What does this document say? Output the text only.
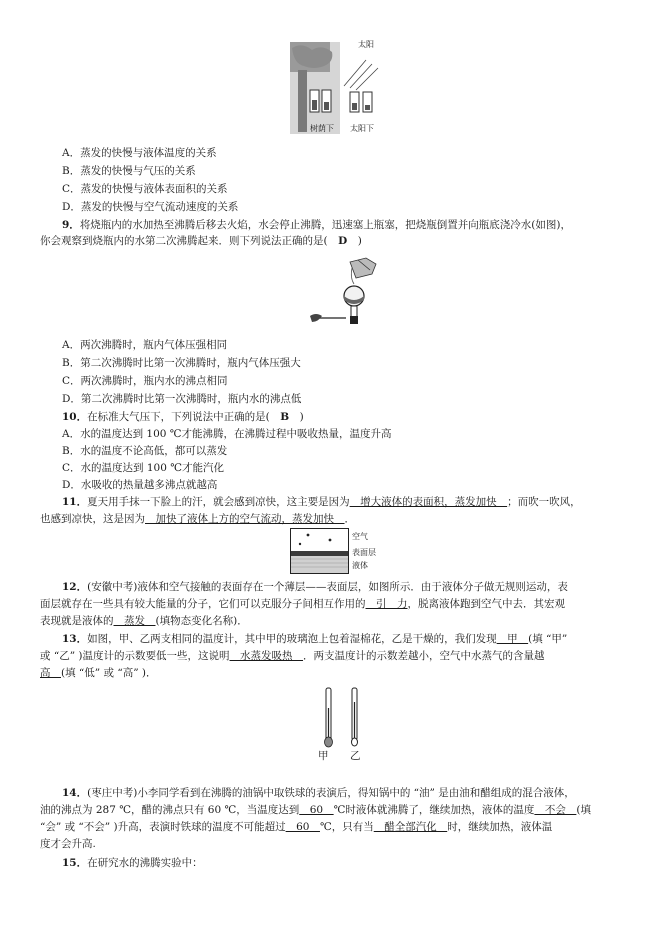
太阳
树荫下 太阳下
A．蒸发的快慢与液体温度的关系
B．蒸发的快慢与气压的关系
C．蒸发的快慢与液体表面积的关系
D．蒸发的快慢与空气流动速度的关系
9．将烧瓶内的水加热至沸腾后移去火焰，水会停止沸腾，迅速塞上瓶塞，把烧瓶倒置并向瓶底浇冷水(如图)，
你会观察到烧瓶内的水第二次沸腾起来．则下列说法正确的是(　D　)
A．两次沸腾时，瓶内气体压强相同
B．第二次沸腾时比第一次沸腾时，瓶内气体压强大
C．两次沸腾时，瓶内水的沸点相同
D．第二次沸腾时比第一次沸腾时，瓶内水的沸点低
10．在标准大气压下，下列说法中正确的是(　B　)
A．水的温度达到 100 ℃才能沸腾，在沸腾过程中吸收热量，温度升高
B．水的温度不论高低，都可以蒸发
C．水的温度达到 100 ℃才能汽化
D．水吸收的热量越多沸点就越高
11．夏天用手抹一下脸上的汗，就会感到凉快，这主要是因为　增大液体的表面积，蒸发加快　；而吹一吹风，
也感到凉快，这是因为　加快了液体上方的空气流动，蒸发加快　．
空气
表面层
液体
12．(安徽中考)液体和空气接触的表面存在一个薄层——表面层，如图所示．由于液体分子做无规则运动，表
面层就存在一些具有较大能量的分子，它们可以克服分子间相互作用的　引　力，脱离液体跑到空气中去．其宏观
表现就是液体的　蒸发　(填物态变化名称)．
13．如图，甲、乙两支相同的温度计，其中甲的玻璃泡上包着湿棉花，乙是干燥的，我们发现　甲　(填 “甲”
或 “乙” )温度计的示数要低一些，这说明　水蒸发吸热　．两支温度计的示数差越小，空气中水蒸气的含量越
高　(填 “低” 或 “高” )．
甲 乙
14．(枣庄中考)小李同学看到在沸腾的油锅中取铁球的表演后，得知锅中的 “油” 是由油和醋组成的混合液体，
油的沸点为 287 ℃，醋的沸点只有 60 ℃，当温度达到　60　℃时液体就沸腾了，继续加热，液体的温度　不会　(填
“会” 或 “不会” )升高，表演时铁球的温度不可能超过　60　℃，只有当　醋全部汽化　时，继续加热，液体温
度才会升高.
15．在研究水的沸腾实验中：
